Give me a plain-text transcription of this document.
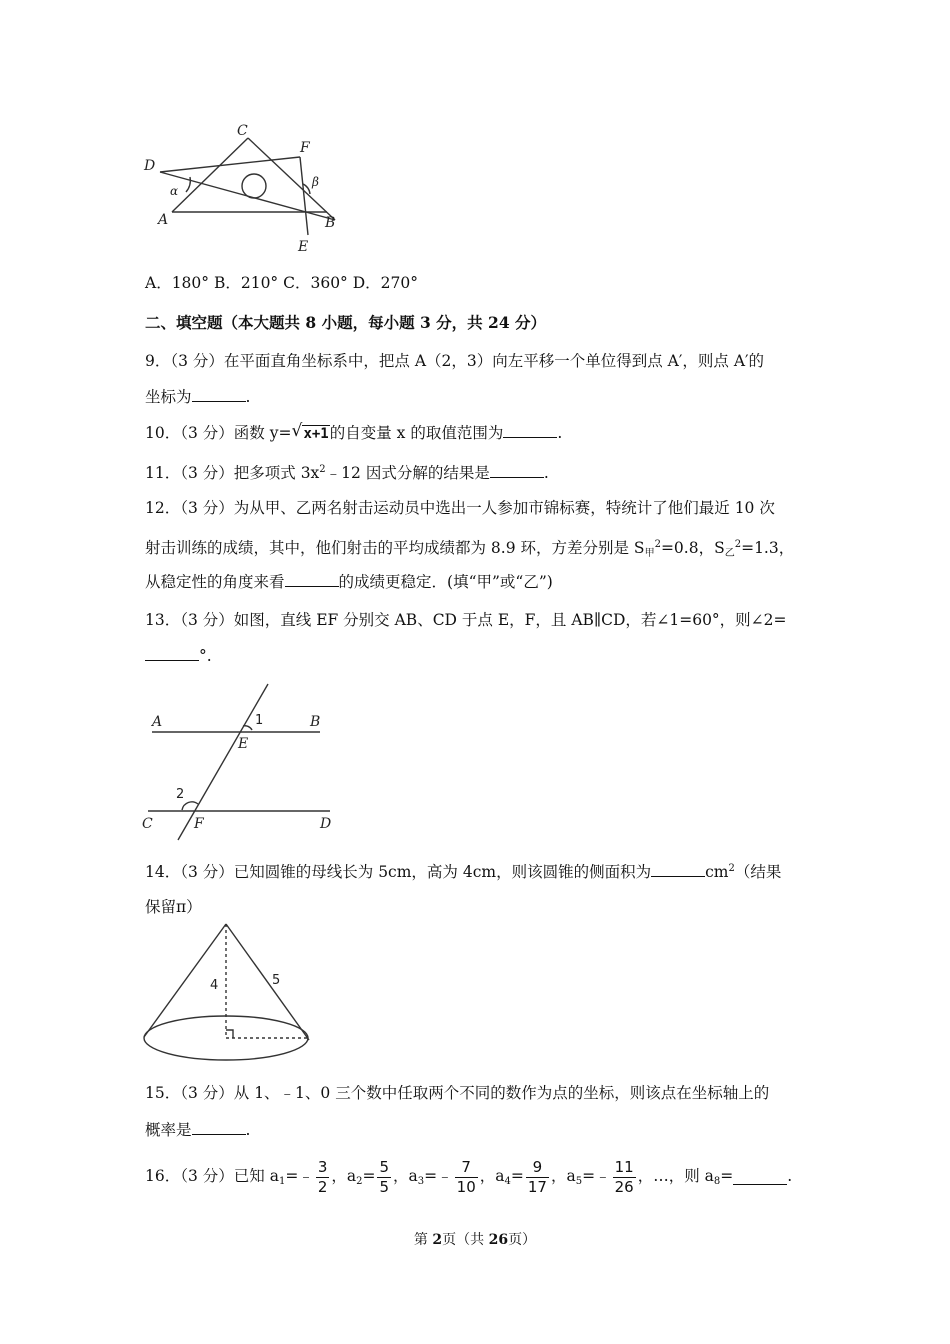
C
F
D
α
β
A	B
E
A．180° B．210° C．360° D．270°
二、填空题（本大题共 8 小题，每小题 3 分，共 24 分）
9．（3 分）在平面直角坐标系中，把点 A（2，3）向左平移一个单位得到点 A′，则点 A′的
坐标为	.
10．（3 分）函数 y= √ x+1的自变量 x 的取值范围为	.
11．（3 分）把多项式 $3x^2﹣12$ 因式分解的结果是	.
12．（3 分）为从甲、乙两名射击运动员中选出一人参加市锦标赛，特统计了他们最近 10 次
射击训练的成绩，其中，他们射击的平均成绩都为 8.9 环，方差分别是 $S_甲^2=0.8$，$S_乙^2=1.3$，
从稳定性的角度来看	的成绩更稳定．(填“甲”或“乙”)
13．（3 分）如图，直线 EF 分别交 AB、CD 于点 E，F，且 AB∥CD，若∠1=60°，则∠2=
°.
A	1	B
E
2
C	F	D
14．（3 分）已知圆锥的母线长为 5cm，高为 4cm，则该圆锥的侧面积为	$cm^2$（结果
保留π）
4	5
15．（3 分）从 1、﹣1、0 三个数中任取两个不同的数作为点的坐标，则该点在坐标轴上的
概率是	.
16．（3 分）已知 $a_1=﹣ \frac{3}{2}$ ，$a_2= \frac{5}{5}$ ，$a_3=﹣ \frac{7}{10}$ ，$a_4= \frac{9}{17}$ ，$a_5=﹣ \frac{11}{26}$ ，…，则 $a_8=$	.
第 2页（共 26页）
